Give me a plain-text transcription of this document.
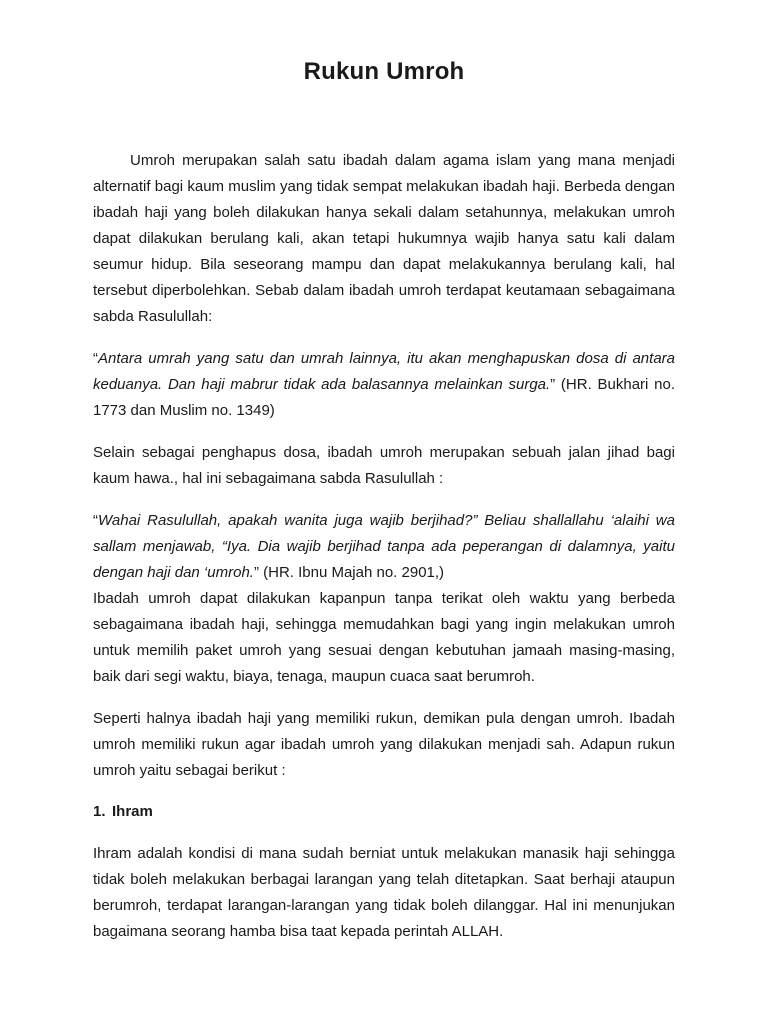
Rukun Umroh

Umroh merupakan salah satu ibadah dalam agama islam yang mana menjadi alternatif bagi kaum muslim yang tidak sempat melakukan ibadah haji. Berbeda dengan ibadah haji yang boleh dilakukan hanya sekali dalam setahunnya, melakukan umroh dapat dilakukan berulang kali, akan tetapi hukumnya wajib hanya satu kali dalam seumur hidup. Bila seseorang mampu dan dapat melakukannya berulang kali, hal tersebut diperbolehkan. Sebab dalam ibadah umroh terdapat keutamaan sebagaimana sabda Rasulullah:

“Antara umrah yang satu dan umrah lainnya, itu akan menghapuskan dosa di antara keduanya. Dan haji mabrur tidak ada balasannya melainkan surga.” (HR. Bukhari no. 1773 dan Muslim no. 1349)

Selain sebagai penghapus dosa, ibadah umroh merupakan sebuah jalan jihad bagi kaum hawa., hal ini sebagaimana sabda Rasulullah :

“Wahai Rasulullah, apakah wanita juga wajib berjihad?” Beliau shallallahu ‘alaihi wa sallam menjawab, “Iya. Dia wajib berjihad tanpa ada peperangan di dalamnya, yaitu dengan haji dan ‘umroh.” (HR. Ibnu Majah no. 2901,)

Ibadah umroh dapat dilakukan kapanpun tanpa terikat oleh waktu yang berbeda sebagaimana ibadah haji, sehingga memudahkan bagi yang ingin melakukan umroh untuk memilih paket umroh yang sesuai dengan kebutuhan jamaah masing-masing, baik dari segi waktu, biaya, tenaga, maupun cuaca saat berumroh.

Seperti halnya ibadah haji yang memiliki rukun, demikan pula dengan umroh. Ibadah umroh memiliki rukun agar ibadah umroh yang dilakukan menjadi sah. Adapun rukun umroh yaitu sebagai berikut :

1. Ihram

Ihram adalah kondisi di mana sudah berniat untuk melakukan manasik haji sehingga tidak boleh melakukan berbagai larangan yang telah ditetapkan. Saat berhaji ataupun berumroh, terdapat larangan-larangan yang tidak boleh dilanggar. Hal ini menunjukan bagaimana seorang hamba bisa taat kepada perintah ALLAH.
